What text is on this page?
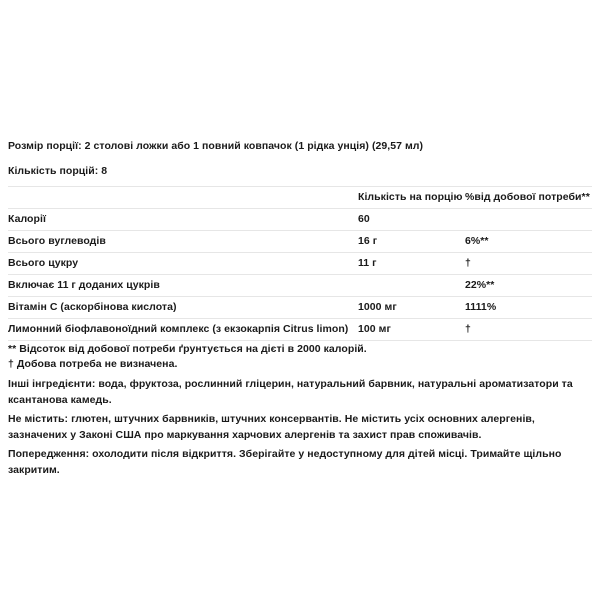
Розмір порції: 2 столові ложки або 1 повний ковпачок (1 рідка унція) (29,57 мл)
Кількість порцій: 8
	Кількість на порцію	%від добової потреби**
Калорії	60	
Всього вуглеводів	16 г	6%**
Всього цукру	11 г	†
Включає 11 г доданих цукрів		22%**
Вітамін С (аскорбінова кислота)	1000 мг	1111%
Лимонний біофлавоноїдний комплекс (з екзокарпія Citrus limon)	100 мг	†
** Відсоток від добової потреби ґрунтується на дієті в 2000 калорій.
† Добова потреба не визначена.
Інші інгредієнти: вода, фруктоза, рослинний гліцерин, натуральний барвник, натуральні ароматизатори та ксантанова камедь.
Не містить: глютен, штучних барвників, штучних консервантів. Не містить усіх основних алергенів, зазначених у Законі США про маркування харчових алергенів та захист прав споживачів.
Попередження: охолодити після відкриття. Зберігайте у недоступному для дітей місці. Тримайте щільно закритим.
